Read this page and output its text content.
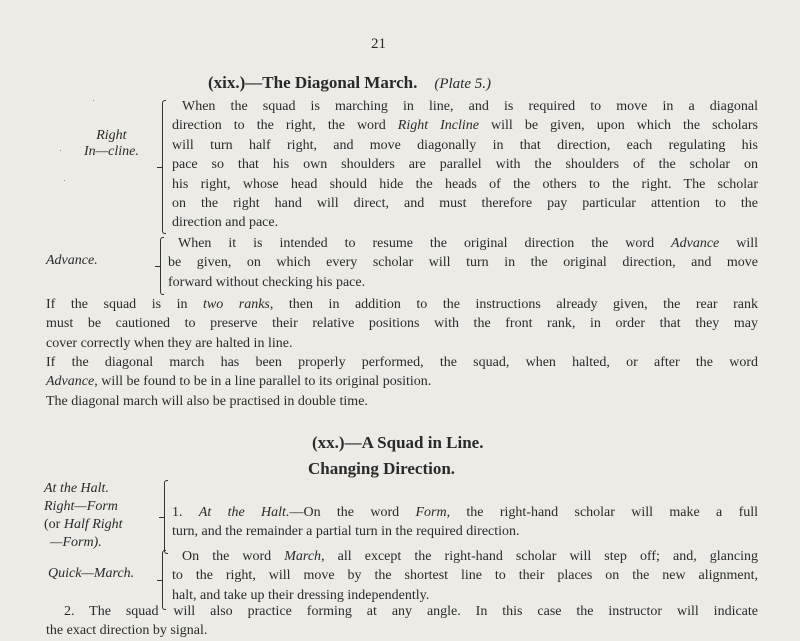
21
(xix.)—The Diagonal March. (Plate 5.)
Right
In—cline.

When the squad is marching in line, and is required to move in a diagonal

direction to the right, the word Right Incline will be given, upon which the scholars

will turn half right, and move diagonally in that direction, each regulating his

pace so that his own shoulders are parallel with the shoulders of the scholar on

his right, whose head should hide the heads of the others to the right. The scholar

on the right hand will direct, and must therefore pay particular attention to the

direction and pace.

Advance.

When it is intended to resume the original direction the word Advance will

be given, on which every scholar will turn in the original direction, and move

forward without checking his pace.

If the squad is in two ranks, then in addition to the instructions already given, the rear rank

must be cautioned to preserve their relative positions with the front rank, in order that they may

cover correctly when they are halted in line.

If the diagonal march has been properly performed, the squad, when halted, or after the word

Advance, will be found to be in a line parallel to its original position.

The diagonal march will also be practised in double time.

(xx.)—A Squad in Line.
Changing Direction.
At the Halt.
Right—Form
(or Half Right
—Form).

1. At the Halt.—On the word Form, the right-hand scholar will make a full

turn, and the remainder a partial turn in the required direction.

Quick—March.

On the word March, all except the right-hand scholar will step off; and, glancing

to the right, will move by the shortest line to their places on the new alignment,

halt, and take up their dressing independently.

2. The squad will also practice forming at any angle. In this case the instructor will indicate

the exact direction by signal.
